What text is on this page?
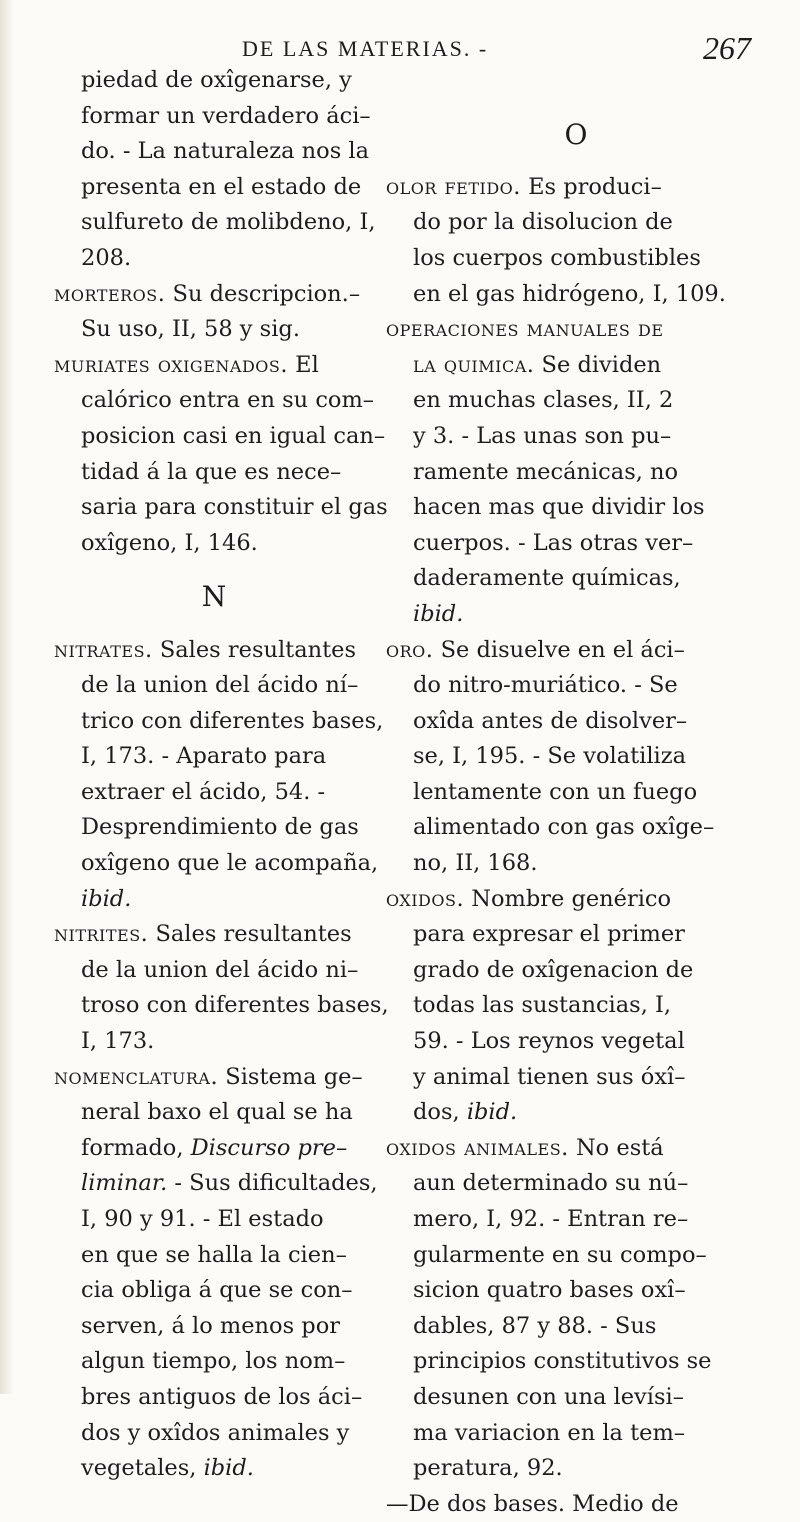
DE LAS MATERIAS. -	267
piedad de oxîgenarse, y
formar un verdadero áci–
do. - La naturaleza nos la
presenta en el estado de
sulfureto de molibdeno, I,
208.
morteros. Su descripcion.–
Su uso, II, 58 y sig.
muriates oxigenados. El
calórico entra en su com–
posicion casi en igual can–
tidad á la que es nece–
saria para constituir el gas
oxîgeno, I, 146.
N
nitrates. Sales resultantes
de la union del ácido ní–
trico con diferentes bases,
I, 173. - Aparato para
extraer el ácido, 54. -
Desprendimiento de gas
oxîgeno que le acompaña,
ibid.
nitrites. Sales resultantes
de la union del ácido ni–
troso con diferentes bases,
I, 173.
nomenclatura. Sistema ge–
neral baxo el qual se ha
formado, Discurso pre–
liminar. - Sus dificultades,
I, 90 y 91. - El estado
en que se halla la cien–
cia obliga á que se con–
serven, á lo menos por
algun tiempo, los nom–
bres antiguos de los áci–
dos y oxîdos animales y
vegetales, ibid.
O
olor fetido. Es produci–
do por la disolucion de
los cuerpos combustibles
en el gas hidrógeno, I, 109.
operaciones manuales de
la quimica. Se dividen
en muchas clases, II, 2
y 3. - Las unas son pu–
ramente mecánicas, no
hacen mas que dividir los
cuerpos. - Las otras ver–
daderamente químicas,
ibid.
oro. Se disuelve en el áci–
do nitro-muriático. - Se
oxîda antes de disolver–
se, I, 195. - Se volatiliza
lentamente con un fuego
alimentado con gas oxîge–
no, II, 168.
oxidos. Nombre genérico
para expresar el primer
grado de oxîgenacion de
todas las sustancias, I,
59. - Los reynos vegetal
y animal tienen sus óxî–
dos, ibid.
oxidos animales. No está
aun determinado su nú–
mero, I, 92. - Entran re–
gularmente en su compo–
sicion quatro bases oxî–
dables, 87 y 88. - Sus
principios constitutivos se
desunen con una levísi–
ma variacion en la tem–
peratura, 92.
—De dos bases. Medio de
